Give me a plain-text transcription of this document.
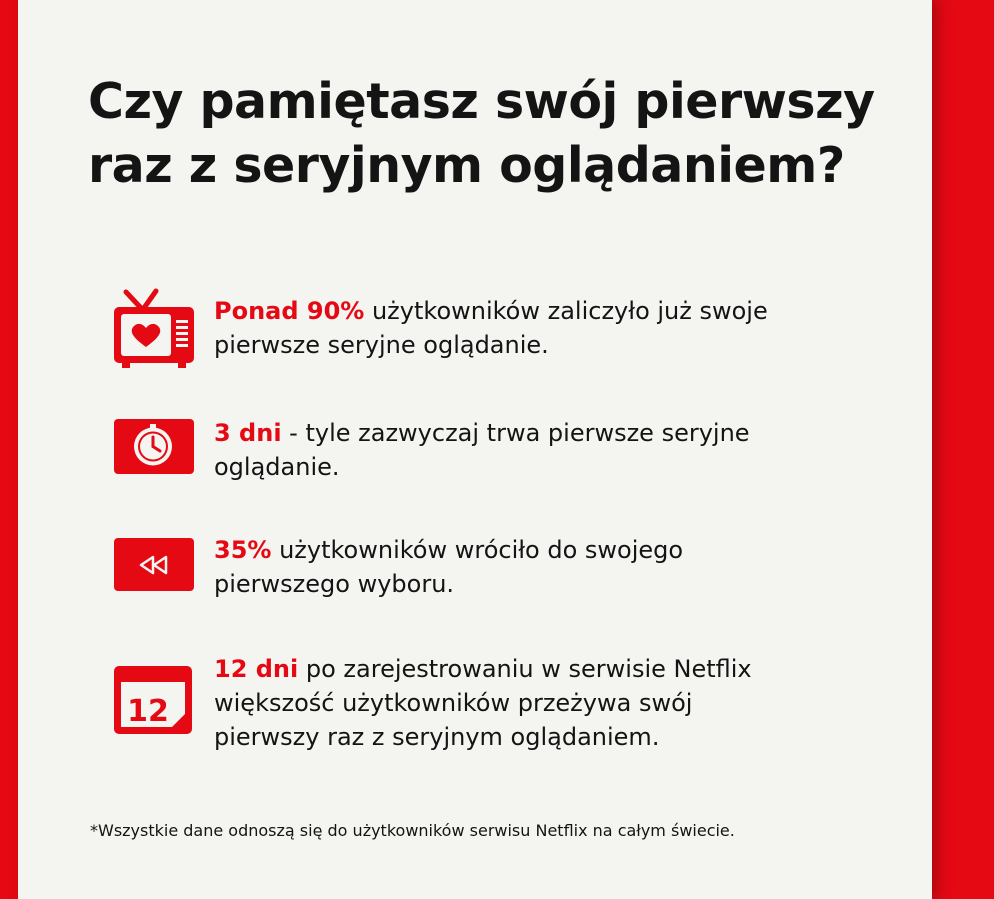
Czy pamiętasz swój pierwszy
raz z seryjnym oglądaniem?
Ponad 90% użytkowników zaliczyło już swoje
pierwsze seryjne oglądanie.
3 dni - tyle zazwyczaj trwa pierwsze seryjne
oglądanie.
35% użytkowników wróciło do swojego
pierwszego wyboru.
12
12 dni po zarejestrowaniu w serwisie Netflix
większość użytkowników przeżywa swój
pierwszy raz z seryjnym oglądaniem.
*Wszystkie dane odnoszą się do użytkowników serwisu Netflix na całym świecie.
